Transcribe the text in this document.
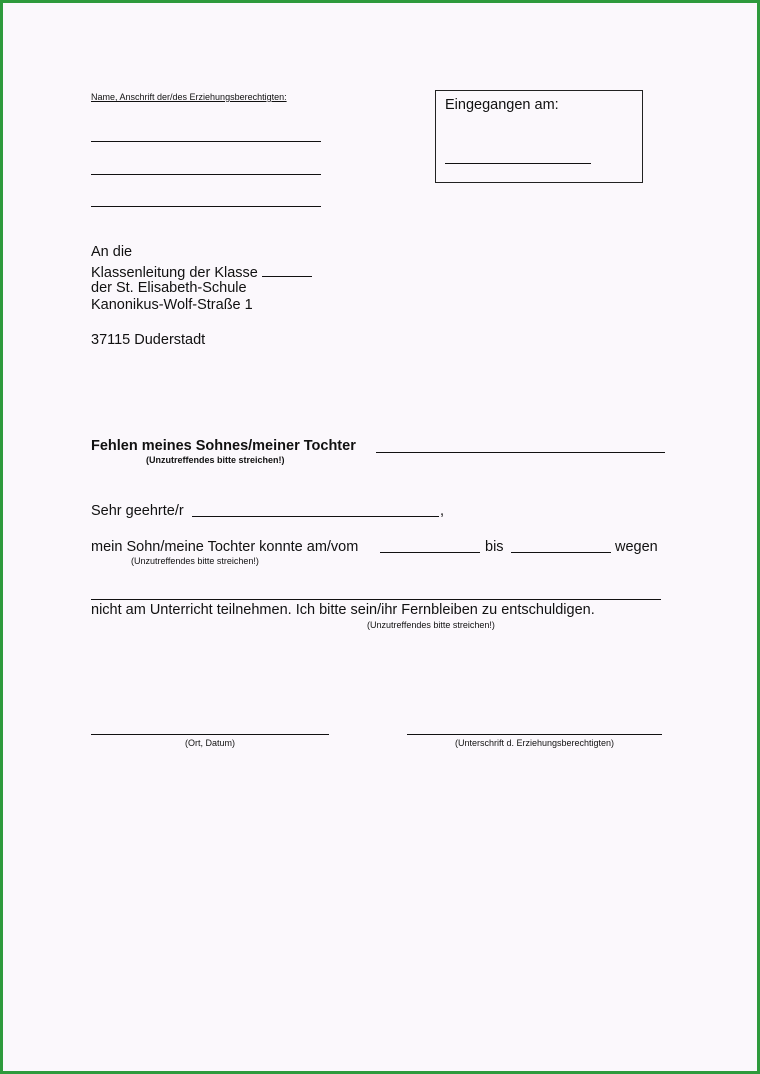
Name, Anschrift der/des Erziehungsberechtigten:	Eingegangen am:
An die
Klassenleitung der Klasse
der St. Elisabeth-Schule
Kanonikus-Wolf-Straße 1
37115 Duderstadt
Fehlen meines Sohnes/meiner Tochter
(Unzutreffendes bitte streichen!)
Sehr geehrte/r	,
mein Sohn/meine Tochter konnte am/vom	bis	wegen
(Unzutreffendes bitte streichen!)
nicht am Unterricht teilnehmen. Ich bitte sein/ihr Fernbleiben zu entschuldigen.
(Unzutreffendes bitte streichen!)
(Ort, Datum)	(Unterschrift d. Erziehungsberechtigten)
